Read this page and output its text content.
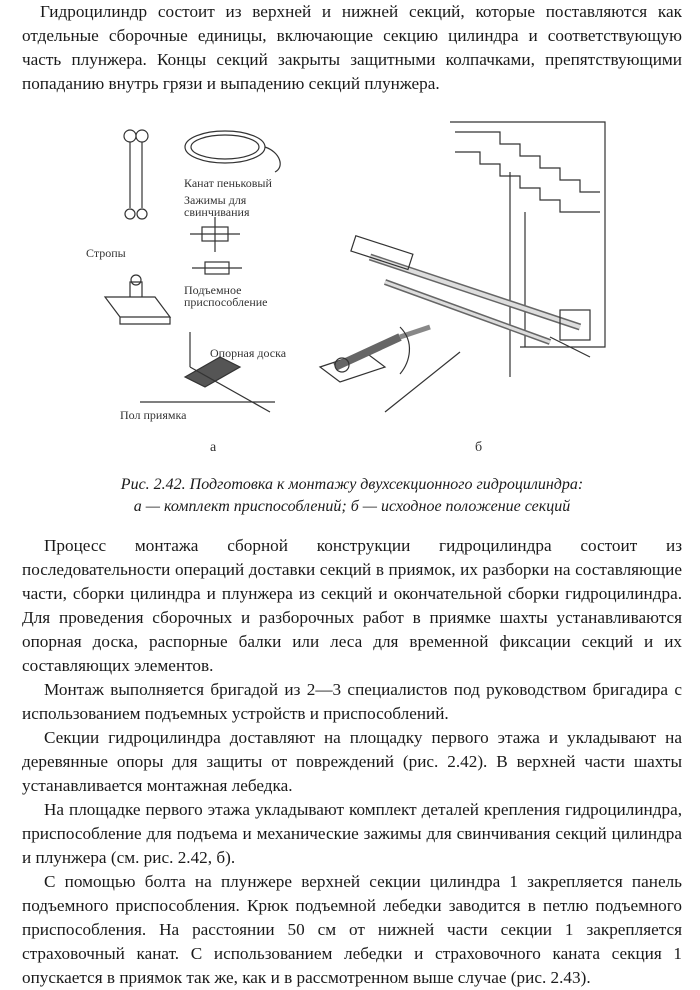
Гидроцилиндр состоит из верхней и нижней секций, которые поставляются как отдельные сборочные единицы, включающие секцию цилиндра и соответствующую часть плунжера. Концы секций закрыты защитными колпачками, препятствующими попаданию внутрь грязи и выпадению секций плунжера.

Канат пеньковый
Зажимы для
свинчивания
Стропы
Подъемное
приспособление
Опорная доска
Пол приямка
а	б
Рис. 2.42. Подготовка к монтажу двухсекционного гидроцилиндра:
а — комплект приспособлений; б — исходное положение секций

Процесс монтажа сборной конструкции гидроцилиндра состоит из последовательности операций доставки секций в приямок, их разборки на составляющие части, сборки цилиндра и плунжера из секций и окончательной сборки гидроцилиндра. Для проведения сборочных и разборочных работ в приямке шахты устанавливаются опорная доска, распорные балки или леса для временной фиксации секций и их составляющих элементов.

Монтаж выполняется бригадой из 2—3 специалистов под руководством бригадира с использованием подъемных устройств и приспособлений.

Секции гидроцилиндра доставляют на площадку первого этажа и укладывают на деревянные опоры для защиты от повреждений (рис. 2.42). В верхней части шахты устанавливается монтажная лебедка.

На площадке первого этажа укладывают комплект деталей крепления гидроцилиндра, приспособление для подъема и механические зажимы для свинчивания секций цилиндра и плунжера (см. рис. 2.42, б).

С помощью болта на плунжере верхней секции цилиндра 1 закрепляется панель подъемного приспособления. Крюк подъемной лебедки заводится в петлю подъемного приспособления. На расстоянии 50 см от нижней части секции 1 закрепляется страховочный канат. С использованием лебедки и страховочного каната секция 1 опускается в приямок так же, как и в рассмотренном выше случае (рис. 2.43).
